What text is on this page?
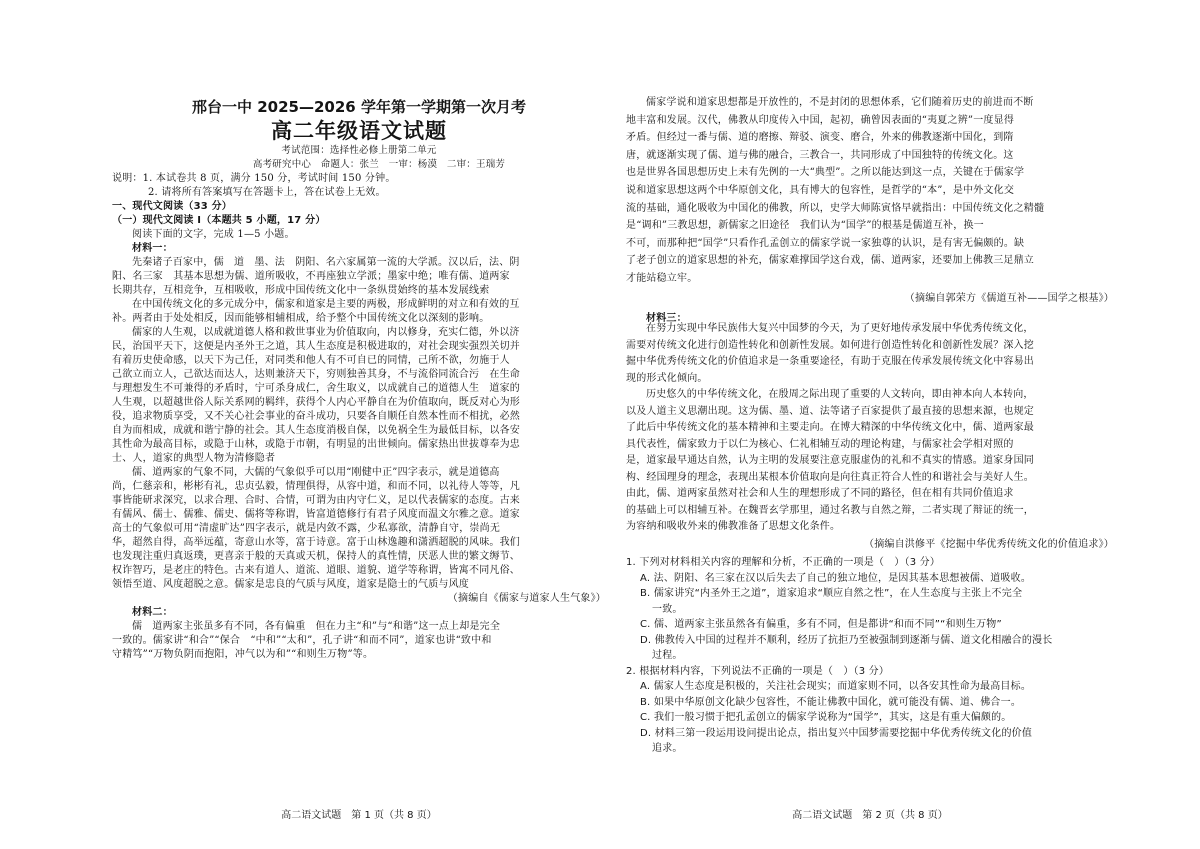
邢台一中 2025—2026 学年第一学期第一次月考
高二年级语文试题
考试范围：选择性必修上册第二单元
高考研究中心　命题人：张兰　一审：杨漠　二审：王瑞芳
说明：1. 本试卷共 8 页，满分 150 分，考试时间 150 分钟。
2. 请将所有答案填写在答题卡上，答在试卷上无效。
一、现代文阅读（33 分）
（一）现代文阅读 Ⅰ（本题共 5 小题，17 分）
阅读下面的文字，完成 1—5 小题。
材料一：
先秦诸子百家中，儒　道　墨、法　阴阳、名六家属第一流的大学派。汉以后，法、阴
阳、名三家　其基本思想为儒、道所吸收，不再座独立学派；墨家中绝；唯有儒、道两家
长期共存，互相竞争，互相吸收，形成中国传统文化中一条纵贯始终的基本发展线索
在中国传统文化的多元成分中，儒家和道家是主要的两极，形成鲜明的对立和有效的互
补。两者由于处处相反，因而能够相辅相成，给予整个中国传统文化以深刻的影响。
儒家的人生观，以成就道德人格和救世事业为价值取向，内以修身，充实仁德，外以济
民，治国平天下，这便是内圣外王之道，其人生态度是积极进取的，对社会现实强烈关切并
有着历史使命感，以天下为己任，对同类和他人有不可自已的同情，己所不欲，勿施于人
己欲立而立人，己欲达而达人，达则兼济天下，穷则独善其身，不与流俗同流合污　在生命
与理想发生不可兼得的矛盾时，宁可杀身成仁，舍生取义，以成就自己的道德人生　道家的
人生观，以超越世俗人际关系网的羁绊，获得个人内心平静自在为价值取向，既反对心为形
役，追求物质享受，又不关心社会事业的奋斗成功，只要各自顺任自然本性而不相扰，必然
自为而相成，成就和谐宁静的社会。其人生态度消极自保，以免祸全生为最低目标，以各安
其性命为最高目标，或隐于山林，或隐于市朝，有明显的出世倾向。儒家热出世拔尊奉为忠
士、人，道家的典型人物为清修隐者
儒、道两家的气象不同，大儒的气象似乎可以用“刚健中正”四字表示，就是道德高
尚，仁慈亲和，彬彬有礼，忠贞弘毅，情理俱得，从容中道，和而不同，以礼待人等等，凡
事皆能研求深究，以求合理、合时、合情，可谓为由内守仁义，足以代表儒家的态度。古来
有儒风、儒士、儒雅、儒史、儒将等称谓，皆富道德修行有君子风度而温文尔雅之意。道家
高士的气象似可用“清虚旷达”四字表示，就是内敛不露，少私寡欲，清静自守，崇尚无
华，超然自得，高举远蕴，寄意山水等，富于诗意。富于山林逸趣和潇洒超脱的风味。我们
也发现注重归真返璞，更喜亲于般的天真或天机，保持人的真性情，厌恶人世的繁文缛节、
权诈智巧，是老庄的特色。古来有道人、道流、道眼、道貌、道学等称谓，皆寓不同凡俗、
领悟至道、风度超脱之意。儒家是忠良的气质与风度，道家是隐士的气质与风度
（摘编自《儒家与道家人生气象》）
材料二：
儒　道两家主张虽多有不同，各有偏重　但在力主“和”与“和谐”这一点上却是完全
一致的。儒家讲“和合”“保合　“中和”“太和”，孔子讲“和而不同”，道家也讲“致中和
守精笃”“万物负阴而抱阳，冲气以为和”“和则生万物”等。
高二语文试题　第 1 页（共 8 页）
儒家学说和道家思想都是开放性的，不是封闭的思想体系，它们随着历史的前进而不断
地丰富和发展。汉代，佛教从印度传入中国，起初，确曾因表面的“夷夏之辨”一度显得
矛盾。但经过一番与儒、道的磨擦、辩驳、演变、磨合，外来的佛教逐渐中国化，到隋
唐，就逐渐实现了儒、道与佛的融合，三教合一，共同形成了中国独特的传统文化。这
也是世界各国思想历史上未有先例的一大“典型”。之所以能达到这一点，关键在于儒家学
说和道家思想这两个中华原创文化，具有博大的包容性，是哲学的“本”，是中外文化交
流的基础，通化吸收为中国化的佛教，所以，史学大师陈寅恪早就指出：中国传统文化之精髓
是“调和”三教思想，新儒家之旧途径　我们认为“国学”的根基是儒道互补，换一
不可，而那种把“国学”只看作孔孟创立的儒家学说一家独尊的认识，是有害无偏颇的。缺
了老子创立的道家思想的补充，儒家难撑国学这台戏，儒、道两家，还要加上佛教三足鼎立
才能站稳立牢。
（摘编自郭荣方《儒道互补——国学之根基》）
材料三：
在努力实现中华民族伟大复兴中国梦的今天，为了更好地传承发展中华优秀传统文化，
需要对传统文化进行创造性转化和创新性发展。如何进行创造性转化和创新性发展？深入挖
掘中华优秀传统文化的价值追求是一条重要途径，有助于克服在传承发展传统文化中容易出
现的形式化倾向。
历史悠久的中华传统文化，在殷周之际出现了重要的人文转向，即由神本向人本转向，
以及人道主义思潮出现。这为儒、墨、道、法等诸子百家提供了最直接的思想来源，也规定
了此后中华传统文化的基本精神和主要走向。在博大精深的中华传统文化中，儒、道两家最
具代表性，儒家致力于以仁为核心、仁礼相辅互动的理论构建，与儒家社会学相对照的
是，道家最早通达自然，认为主明的发展要注意克服虚伪的礼和不真实的情感。道家身国同
构、经国理身的理念，表现出某根本价值取向是向往真正符合人性的和谐社会与美好人生。
由此，儒、道两家虽然对社会和人生的理想形成了不同的路径，但在相有共同价值追求
的基础上可以相辅互补。在魏晋玄学那里，通过名教与自然之辩，二者实现了辩证的统一，
为容纳和吸收外来的佛教准备了思想文化条件。
（摘编自洪修平《挖掘中华优秀传统文化的价值追求》）
1. 下列对材料相关内容的理解和分析，不正确的一项是（　）（3 分）
A. 法、阴阳、名三家在汉以后失去了自己的独立地位，是因其基本思想被儒、道吸收。
B. 儒家讲究“内圣外王之道”，道家追求“顺应自然之性”，在人生态度与主张上不完全
一致。
C. 儒、道两家主张虽然各有偏重，多有不同，但是都讲“和而不同”“和则生万物”
D. 佛教传入中国的过程并不顺利，经历了抗拒乃至被强制到逐渐与儒、道文化相融合的漫长
过程。
2. 根据材料内容，下列说法不正确的一项是（　）（3 分）
A. 儒家人生态度是积极的，关注社会现实；而道家则不同，以各安其性命为最高目标。
B. 如果中华原创文化缺少包容性，不能让佛教中国化，就可能没有儒、道、佛合一。
C. 我们一般习惯于把孔孟创立的儒家学说称为“国学”，其实，这是有重大偏颇的。
D. 材料三第一段运用设问提出论点，指出复兴中国梦需要挖掘中华优秀传统文化的价值
追求。
高二语文试题　第 2 页（共 8 页）
